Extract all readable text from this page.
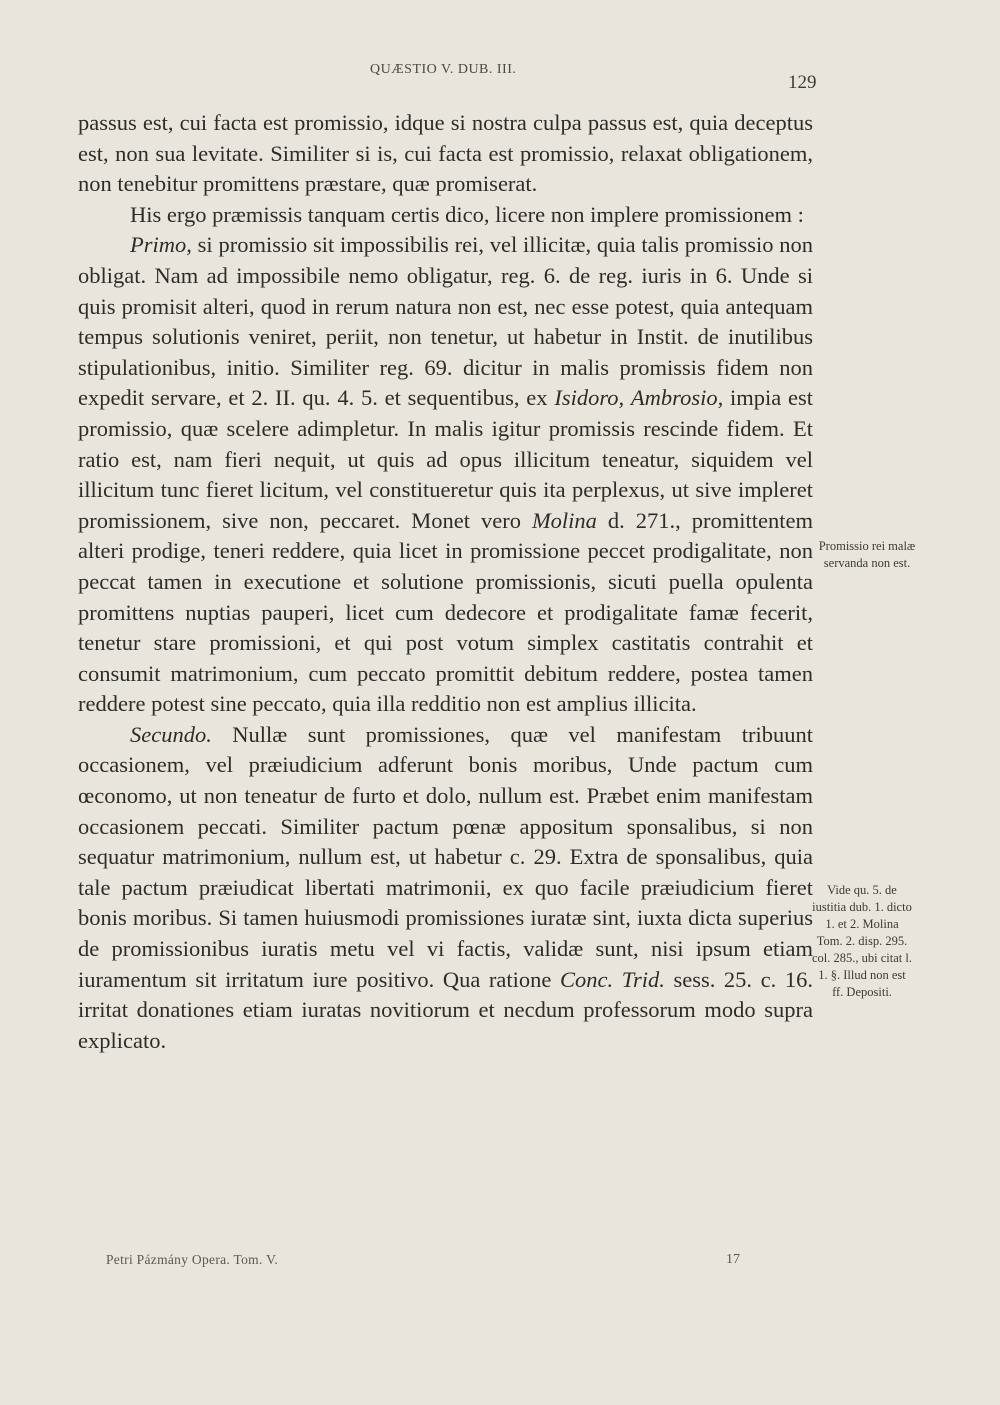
QUÆSTIO V. DUB. III.
129

passus est, cui facta est promissio, idque si nostra culpa passus est, quia deceptus est, non sua levitate. Similiter si is, cui facta est promissio, relaxat obligationem, non tenebitur promittens præstare, quæ promiserat.

His ergo præmissis tanquam certis dico, licere non implere promissionem :

Primo, si promissio sit impossibilis rei, vel illicitæ, quia talis promissio non obligat. Nam ad impossibile nemo obligatur, reg. 6. de reg. iuris in 6. Unde si quis promisit alteri, quod in rerum natura non est, nec esse potest, quia antequam tempus solutionis veniret, periit, non tenetur, ut habetur in Instit. de inutilibus stipulationibus, initio. Similiter reg. 69. dicitur in malis promissis fidem non expedit servare, et 2. II. qu. 4. 5. et sequentibus, ex Isidoro, Ambrosio, impia est promissio, quæ scelere adimpletur. In malis igitur promissis rescinde fidem. Et ratio est, nam fieri nequit, ut quis ad opus illicitum teneatur, siquidem vel illicitum tunc fieret licitum, vel constitueretur quis ita perplexus, ut sive impleret promissionem, sive non, peccaret. Monet vero Molina d. 271., promittentem alteri prodige, teneri reddere, quia licet in promissione peccet prodigalitate, non peccat tamen in executione et solutione promissionis, sicuti puella opulenta promittens nuptias pauperi, licet cum dedecore et prodigalitate famæ fecerit, tenetur stare promissioni, et qui post votum simplex castitatis contrahit et consumit matrimonium, cum peccato promittit debitum reddere, postea tamen reddere potest sine peccato, quia illa redditio non est amplius illicita.

Secundo. Nullæ sunt promissiones, quæ vel manifestam tribuunt occasionem, vel præiudicium adferunt bonis moribus, Unde pactum cum œconomo, ut non teneatur de furto et dolo, nullum est. Præbet enim manifestam occasionem peccati. Similiter pactum pœnæ appositum sponsalibus, si non sequatur matrimonium, nullum est, ut habetur c. 29. Extra de sponsalibus, quia tale pactum præiudicat libertati matrimonii, ex quo facile præiudicium fieret bonis moribus. Si tamen huiusmodi promissiones iuratæ sint, iuxta dicta superius de promissionibus iuratis metu vel vi factis, validæ sunt, nisi ipsum etiam iuramentum sit irritatum iure positivo. Qua ratione Conc. Trid. sess. 25. c. 16. irritat donationes etiam iuratas novitiorum et necdum professorum modo supra explicato.

Promissio rei malæ servanda non est.
Vide qu. 5. de iustitia dub. 1. dicto 1. et 2. Molina Tom. 2. disp. 295. col. 285., ubi citat l. 1. §. Illud non est ff. Depositi.
Petri Pázmány Opera. Tom. V.	17
